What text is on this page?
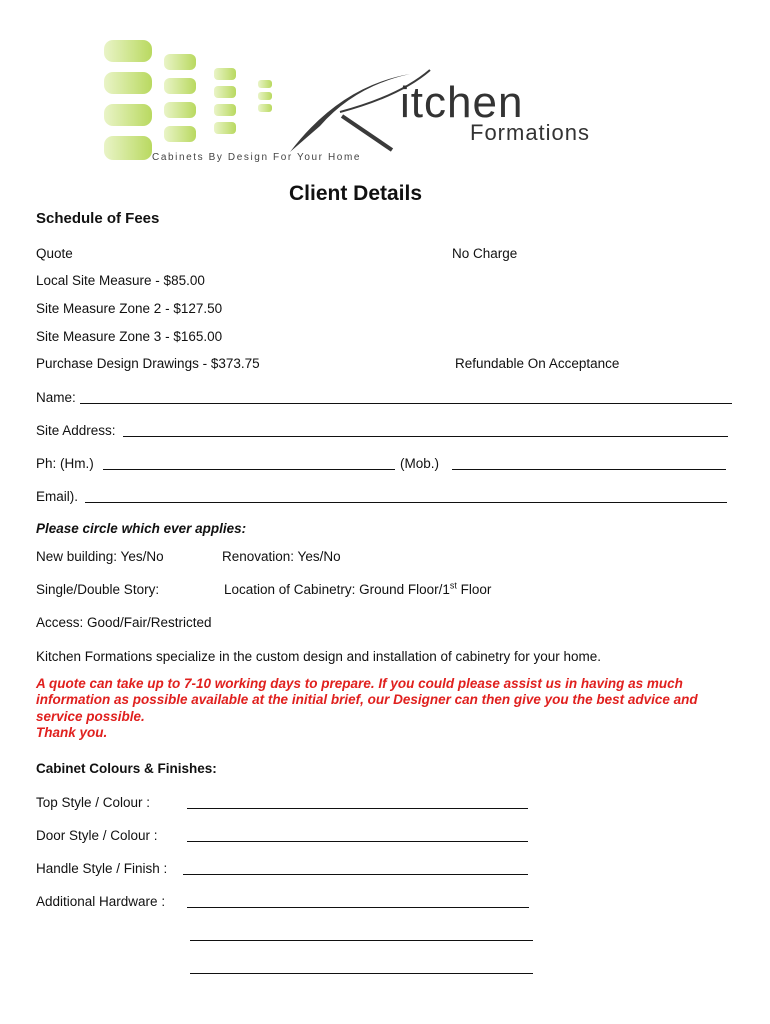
itchen
Formations
Cabinets By Design For Your Home
Client Details
Schedule of Fees
Quote	No Charge
Local Site Measure - $85.00
Site Measure Zone 2 - $127.50
Site Measure Zone 3 - $165.00
Purchase Design Drawings - $373.75	Refundable On Acceptance
Name:
Site Address:
Ph: (Hm.)	(Mob.)
Email).
Please circle which ever applies:
New building: Yes/No	Renovation: Yes/No
Single/Double Story:	Location of Cabinetry: Ground Floor/1st Floor
Access: Good/Fair/Restricted
Kitchen Formations specialize in the custom design and installation of cabinetry for your home.
A quote can take up to 7-10 working days to prepare. If you could please assist us in having as much
information as possible available at the initial brief, our Designer can then give you the best advice and
service possible.
Thank you.
Cabinet Colours & Finishes:
Top Style / Colour :
Door Style / Colour :
Handle Style / Finish :
Additional Hardware :
